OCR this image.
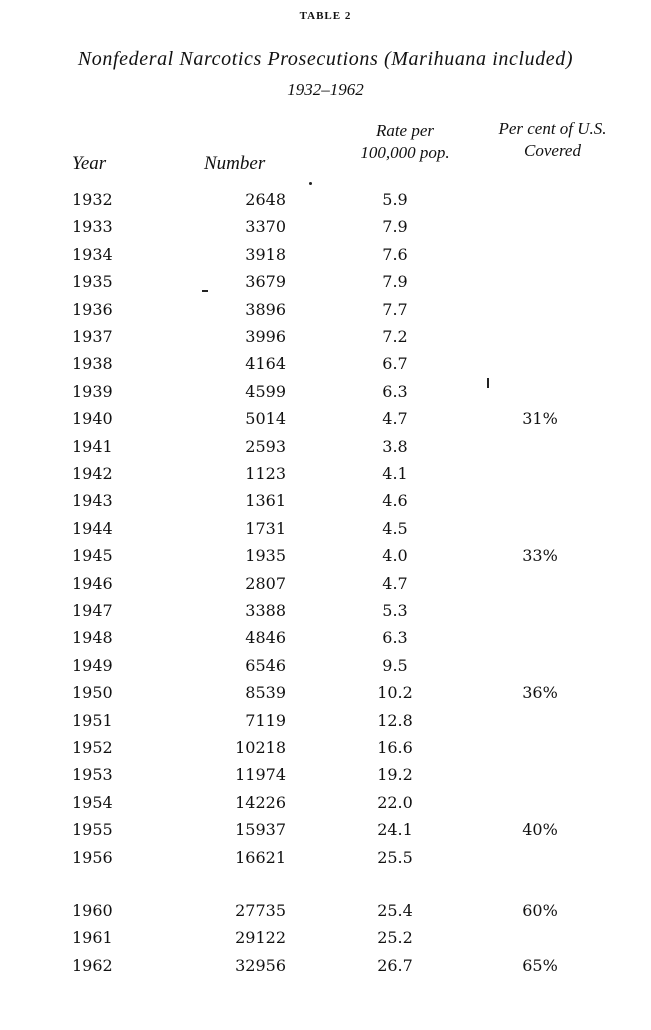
TABLE 2
Nonfederal Narcotics Prosecutions (Marihuana included)
1932–1962
Year	Number
Rate per
100,000 pop.
Per cent of U.S.
Covered
1932	2648	5.9
1933	3370	7.9
1934	3918	7.6
1935	3679	7.9
1936	3896	7.7
1937	3996	7.2
1938	4164	6.7
1939	4599	6.3
1940	5014	4.7	31%
1941	2593	3.8
1942	1123	4.1
1943	1361	4.6
1944	1731	4.5
1945	1935	4.0	33%
1946	2807	4.7
1947	3388	5.3
1948	4846	6.3
1949	6546	9.5
1950	8539	10.2	36%
1951	7119	12.8
1952	10218	16.6
1953	11974	19.2
1954	14226	22.0
1955	15937	24.1	40%
1956	16621	25.5
1960	27735	25.4	60%
1961	29122	25.2
1962	32956	26.7	65%
